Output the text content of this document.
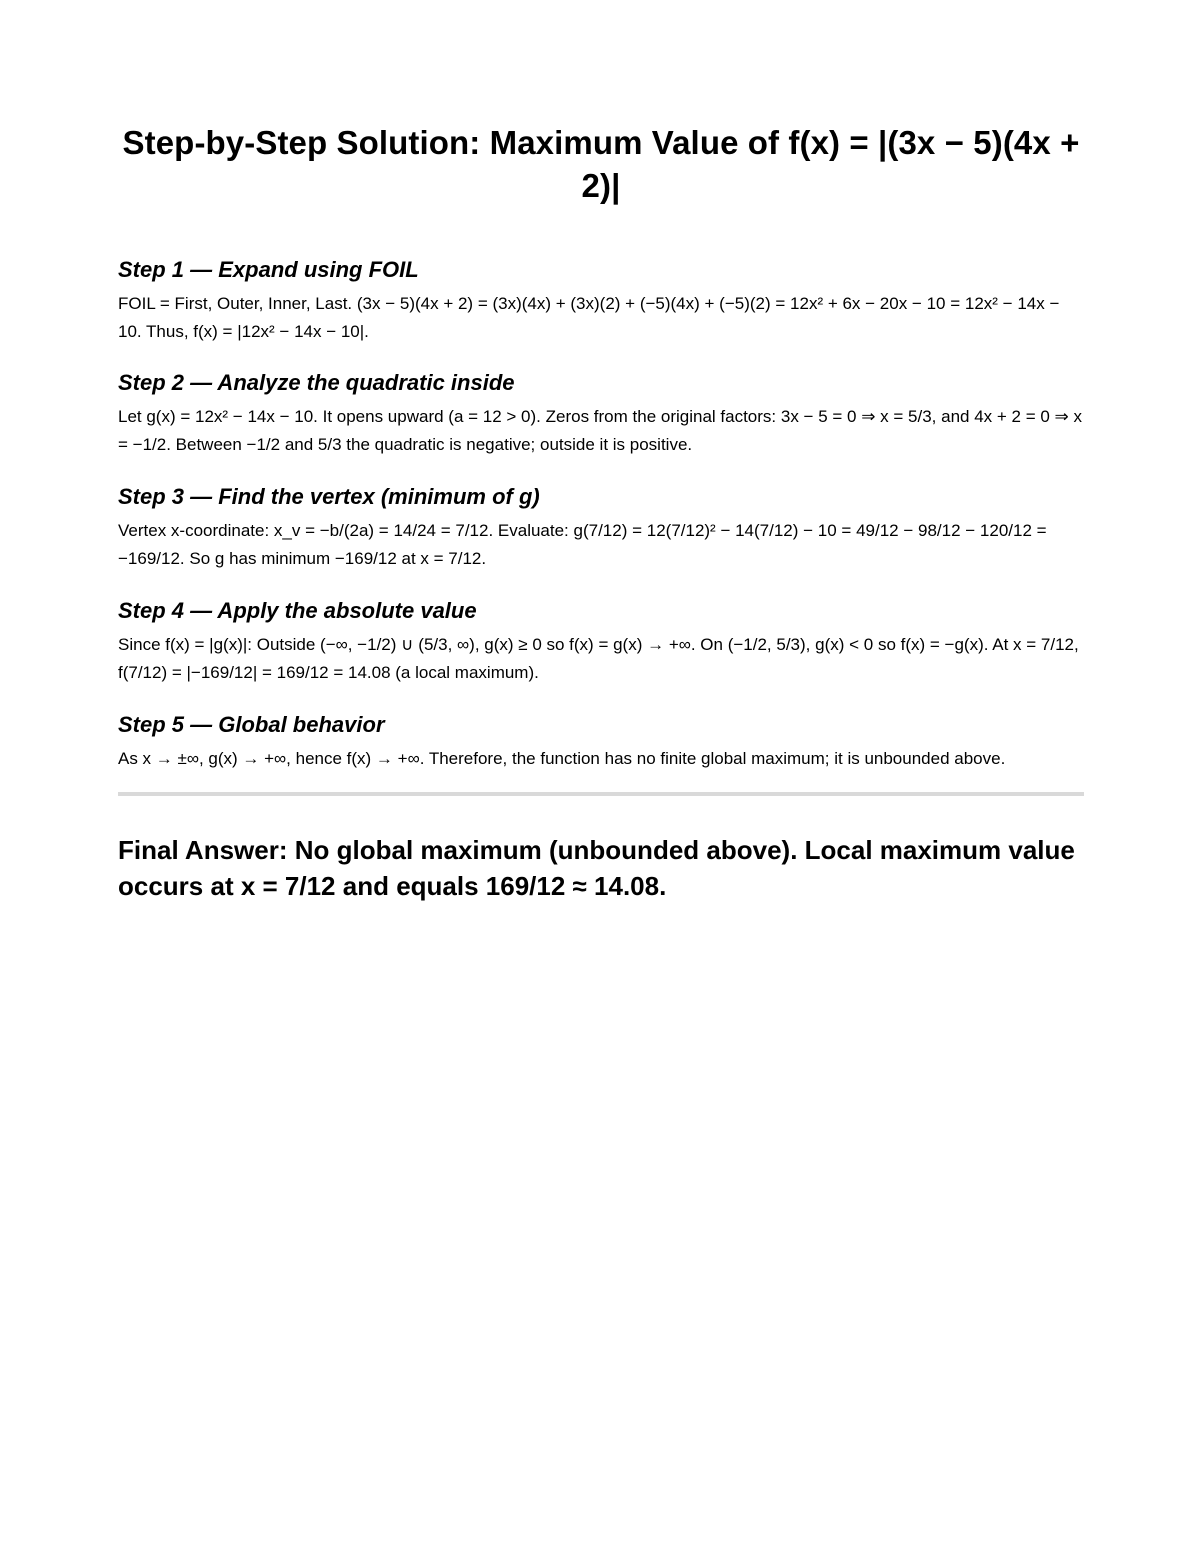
Step-by-Step Solution: Maximum Value of f(x) = |(3x − 5)(4x + 2)|
Step 1 — Expand using FOIL

FOIL = First, Outer, Inner, Last. (3x − 5)(4x + 2) = (3x)(4x) + (3x)(2) + (−5)(4x) + (−5)(2) = 12x² + 6x − 20x − 10 = 12x² − 14x − 10. Thus, f(x) = |12x² − 14x − 10|.

Step 2 — Analyze the quadratic inside

Let g(x) = 12x² − 14x − 10. It opens upward (a = 12 > 0). Zeros from the original factors: 3x − 5 = 0 ⇒ x = 5/3, and 4x + 2 = 0 ⇒ x = −1/2. Between −1/2 and 5/3 the quadratic is negative; outside it is positive.

Step 3 — Find the vertex (minimum of g)

Vertex x-coordinate: x_v = −b/(2a) = 14/24 = 7/12. Evaluate: g(7/12) = 12(7/12)² − 14(7/12) − 10 = 49/12 − 98/12 − 120/12 = −169/12. So g has minimum −169/12 at x = 7/12.

Step 4 — Apply the absolute value

Since f(x) = |g(x)|: Outside (−∞, −1/2) ∪ (5/3, ∞), g(x) ≥ 0 so f(x) = g(x) → +∞. On (−1/2, 5/3), g(x) < 0 so f(x) = −g(x). At x = 7/12, f(7/12) = |−169/12| = 169/12 = 14.08 (a local maximum).

Step 5 — Global behavior

As x → ±∞, g(x) → +∞, hence f(x) → +∞. Therefore, the function has no finite global maximum; it is unbounded above.

Final Answer: No global maximum (unbounded above). Local maximum value occurs at x = 7/12 and equals 169/12 ≈ 14.08.
